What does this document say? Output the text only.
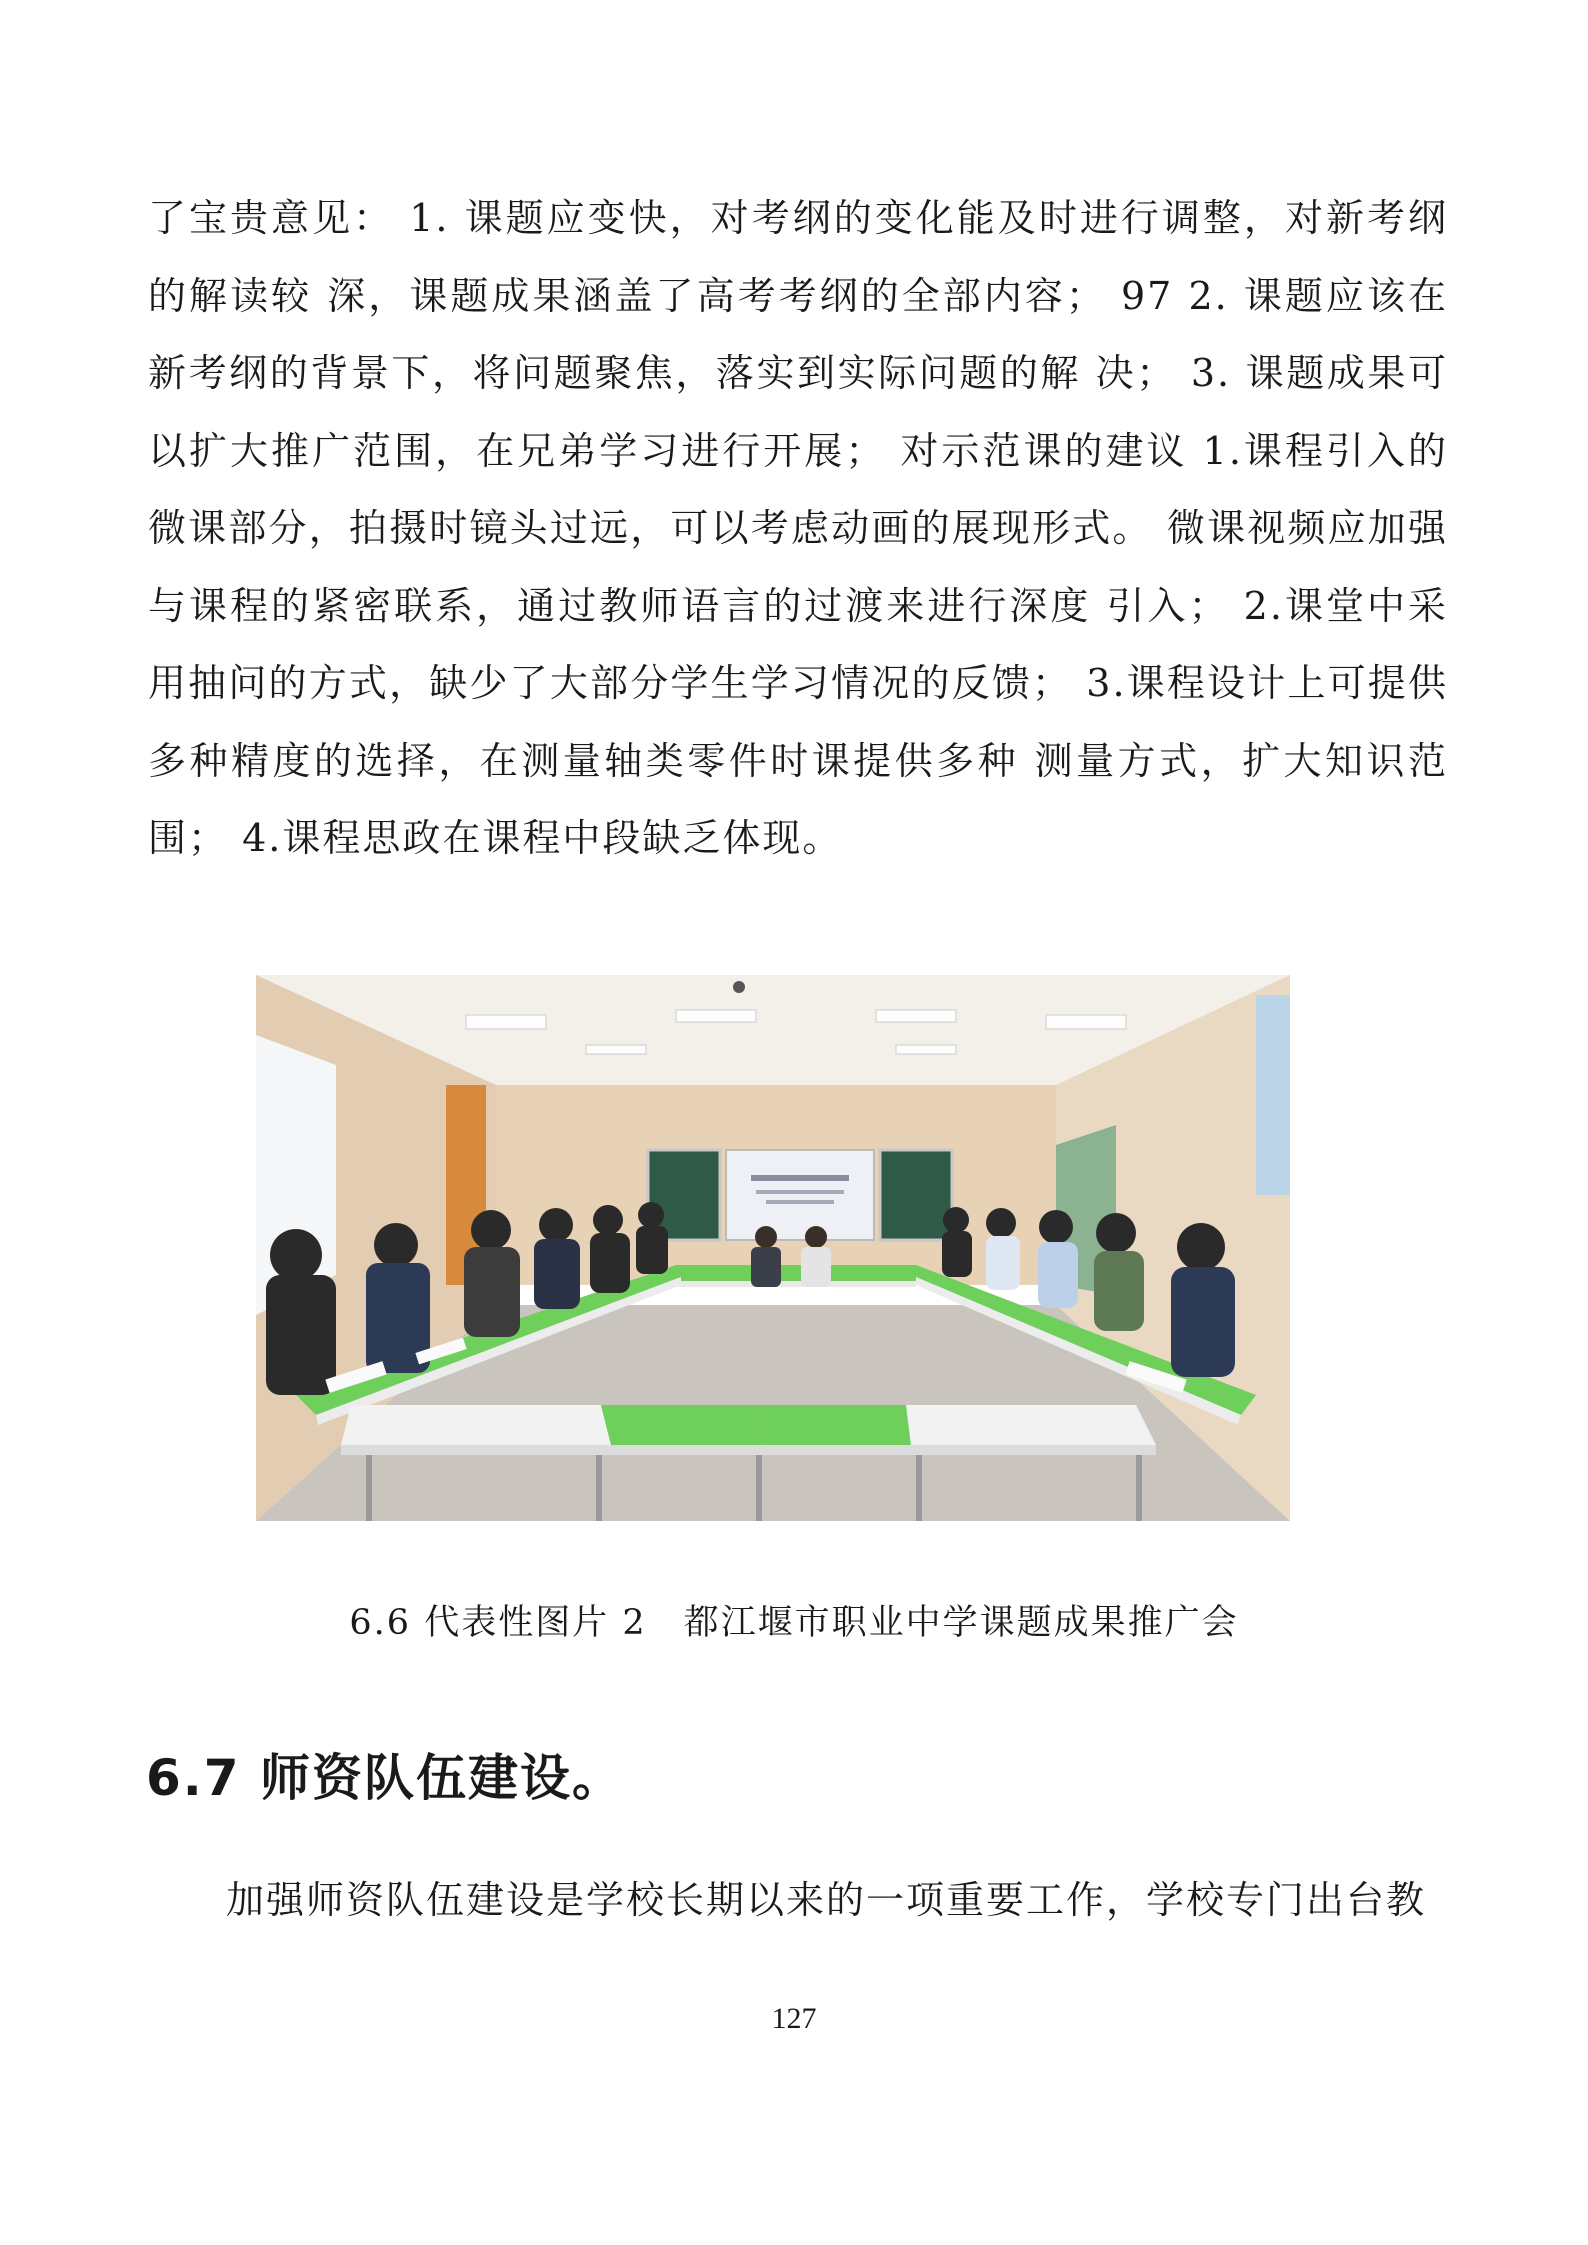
了宝贵意见： 1. 课题应变快，对考纲的变化能及时进行调整，对新考纲的解读较 深，课题成果涵盖了高考考纲的全部内容； 97 2. 课题应该在新考纲的背景下，将问题聚焦，落实到实际问题的解 决； 3. 课题成果可以扩大推广范围，在兄弟学习进行开展； 对示范课的建议 1.课程引入的微课部分，拍摄时镜头过远，可以考虑动画的展现形式。 微课视频应加强与课程的紧密联系，通过教师语言的过渡来进行深度 引入； 2.课堂中采用抽问的方式，缺少了大部分学生学习情况的反馈； 3.课程设计上可提供多种精度的选择，在测量轴类零件时课提供多种 测量方式，扩大知识范围； 4.课程思政在课程中段缺乏体现。

6.6 代表性图片 2　都江堰市职业中学课题成果推广会

6.7 师资队伍建设。

加强师资队伍建设是学校长期以来的一项重要工作，学校专门出台教

127
